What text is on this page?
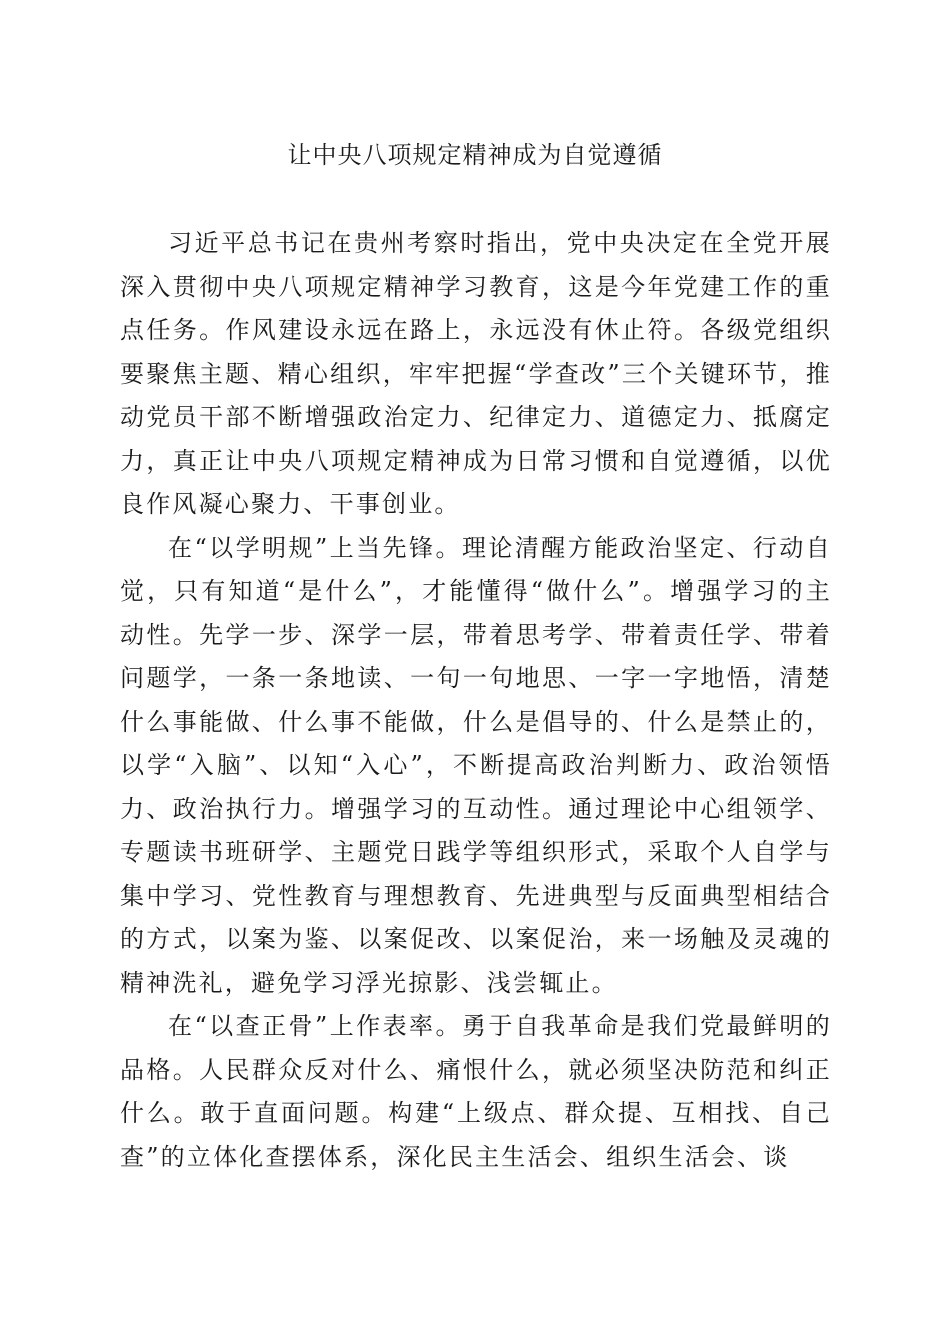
让中央八项规定精神成为自觉遵循

习近平总书记在贵州考察时指出，党中央决定在全党开展深入贯彻中央八项规定精神学习教育，这是今年党建工作的重点任务。作风建设永远在路上，永远没有休止符。各级党组织要聚焦主题、精心组织，牢牢把握“学查改”三个关键环节，推动党员干部不断增强政治定力、纪律定力、道德定力、抵腐定力，真正让中央八项规定精神成为日常习惯和自觉遵循，以优良作风凝心聚力、干事创业。

在“以学明规”上当先锋。理论清醒方能政治坚定、行动自觉，只有知道“是什么”，才能懂得“做什么”。增强学习的主动性。先学一步、深学一层，带着思考学、带着责任学、带着问题学，一条一条地读、一句一句地思、一字一字地悟，清楚什么事能做、什么事不能做，什么是倡导的、什么是禁止的，以学“入脑”、以知“入心”，不断提高政治判断力、政治领悟力、政治执行力。增强学习的互动性。通过理论中心组领学、专题读书班研学、主题党日践学等组织形式，采取个人自学与集中学习、党性教育与理想教育、先进典型与反面典型相结合的方式，以案为鉴、以案促改、以案促治，来一场触及灵魂的精神洗礼，避免学习浮光掠影、浅尝辄止。

在“以查正骨”上作表率。勇于自我革命是我们党最鲜明的品格。人民群众反对什么、痛恨什么，就必须坚决防范和纠正什么。敢于直面问题。构建“上级点、群众提、互相找、自己查”的立体化查摆体系，深化民主生活会、组织生活会、谈
